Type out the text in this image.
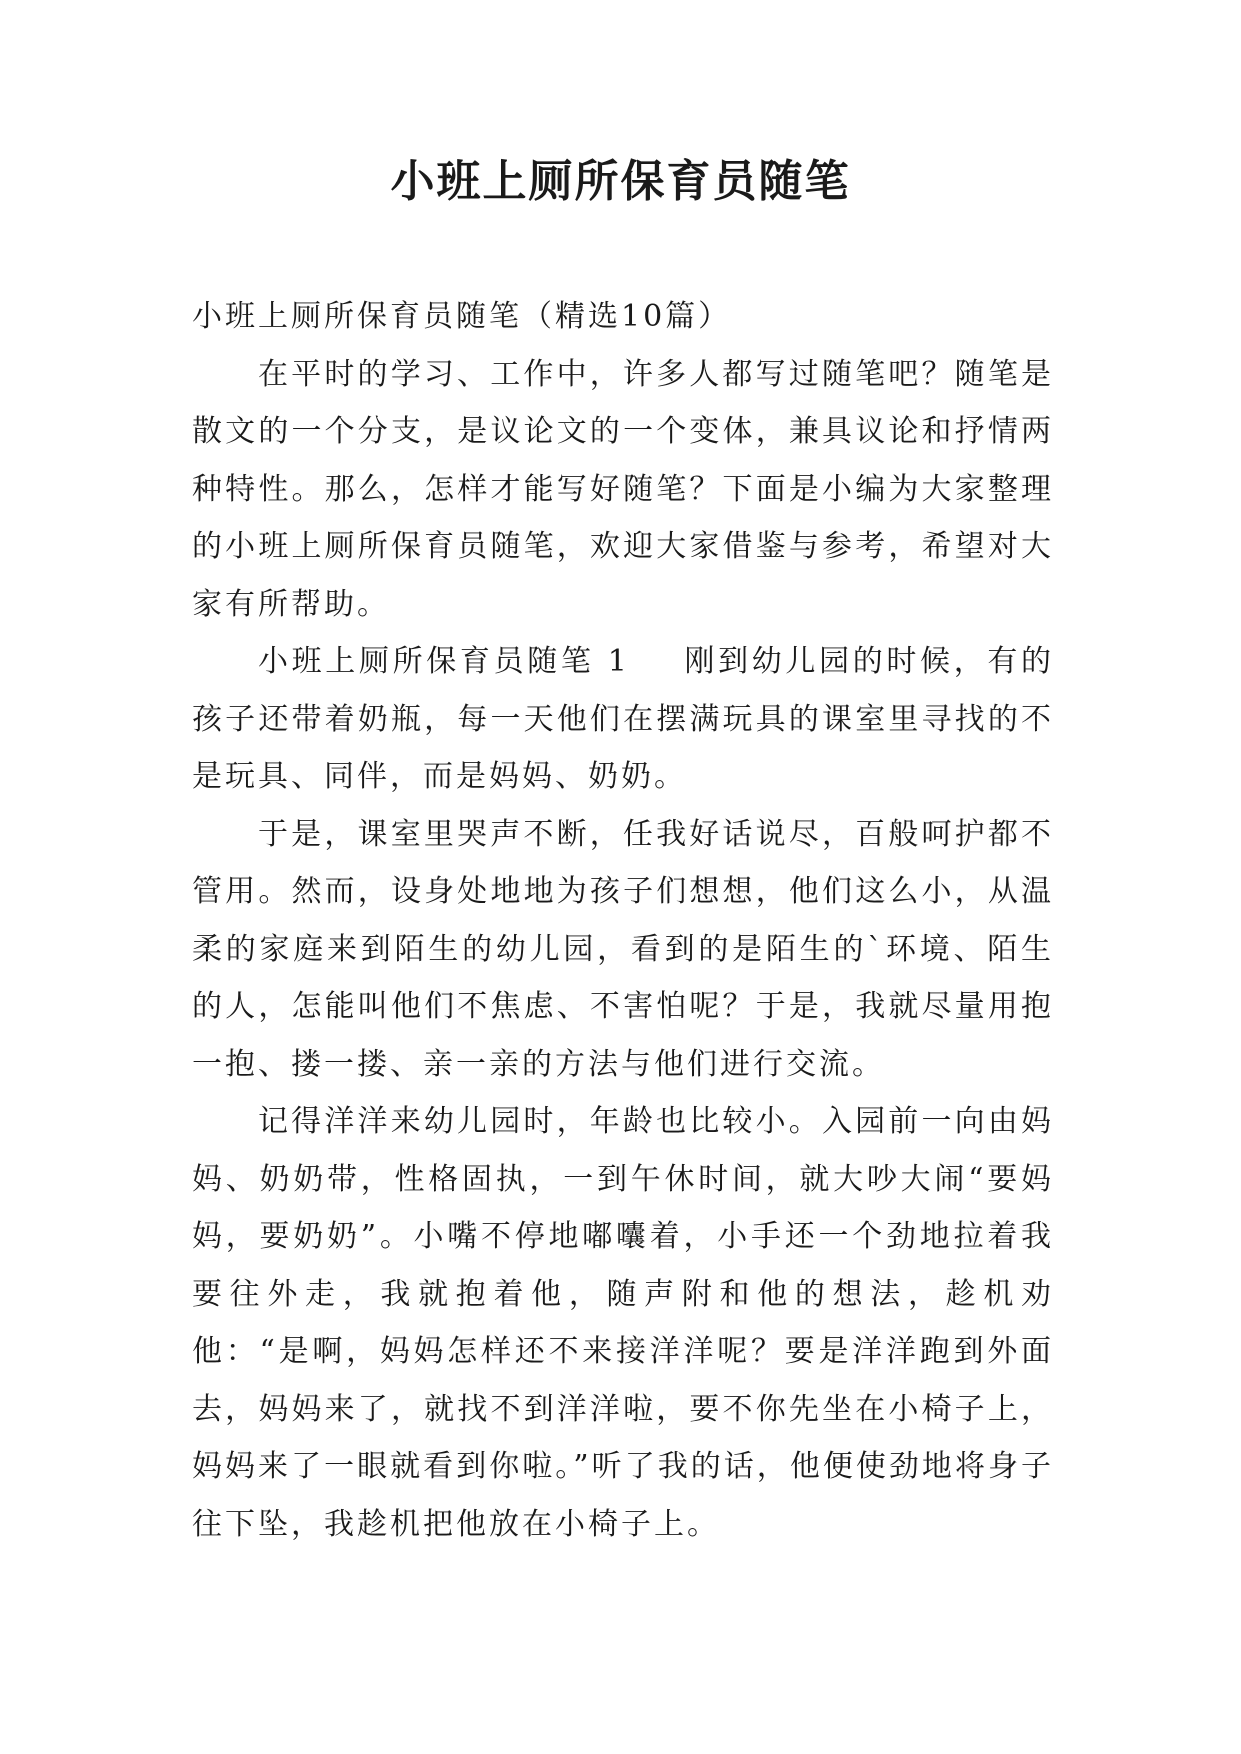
小班上厕所保育员随笔

小班上厕所保育员随笔（精选10篇）

在平时的学习、工作中，许多人都写过随笔吧？随笔是散文的一个分支，是议论文的一个变体，兼具议论和抒情两种特性。那么，怎样才能写好随笔？下面是小编为大家整理的小班上厕所保育员随笔，欢迎大家借鉴与参考，希望对大家有所帮助。

小班上厕所保育员随笔 1 刚到幼儿园的时候，有的孩子还带着奶瓶，每一天他们在摆满玩具的课室里寻找的不是玩具、同伴，而是妈妈、奶奶。

于是，课室里哭声不断，任我好话说尽，百般呵护都不管用。然而，设身处地地为孩子们想想，他们这么小，从温柔的家庭来到陌生的幼儿园，看到的是陌生的`环境、陌生的人，怎能叫他们不焦虑、不害怕呢？于是，我就尽量用抱一抱、搂一搂、亲一亲的方法与他们进行交流。

记得洋洋来幼儿园时，年龄也比较小。入园前一向由妈妈、奶奶带，性格固执，一到午休时间，就大吵大闹“要妈妈，要奶奶”。小嘴不停地嘟囔着，小手还一个劲地拉着我要往外走，我就抱着他，随声附和他的想法，趁机劝他：“是啊，妈妈怎样还不来接洋洋呢？要是洋洋跑到外面去，妈妈来了，就找不到洋洋啦，要不你先坐在小椅子上，妈妈来了一眼就看到你啦。”听了我的话，他便使劲地将身子往下坠，我趁机把他放在小椅子上。
